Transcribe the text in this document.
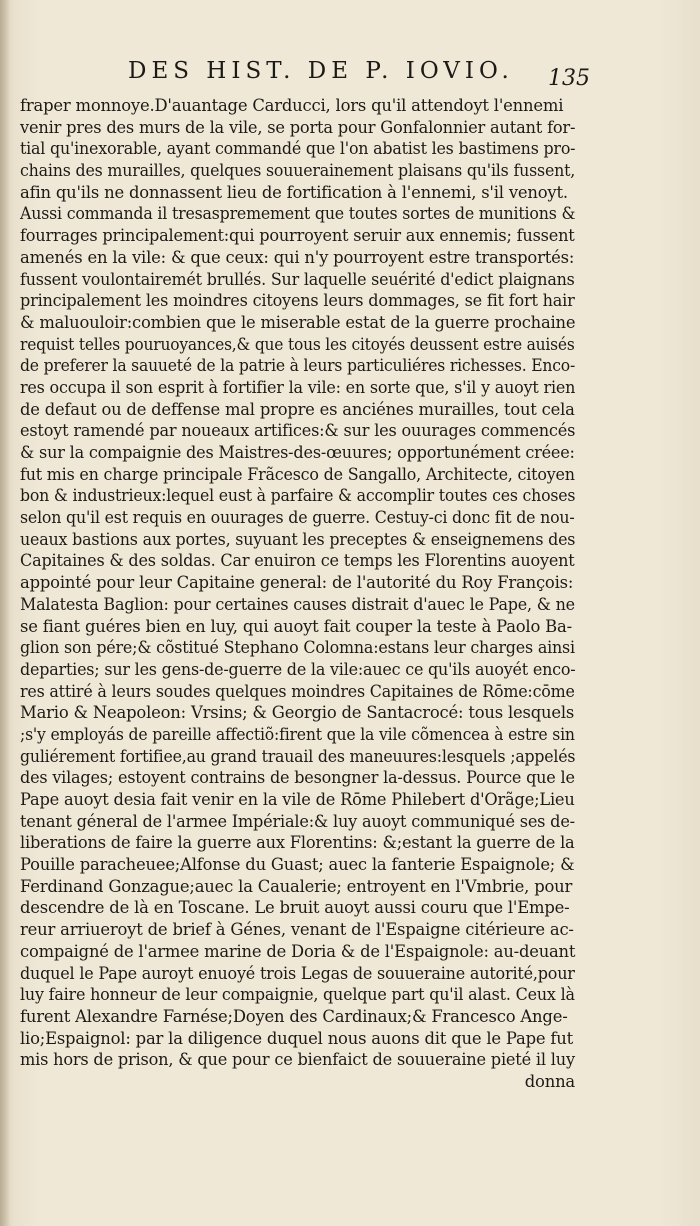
DES HIST. DE P. IOVIO. 135
fraper monnoye.D'auantage Carducci, lors qu'il attendoyt l'ennemi
venir pres des murs de la vile, se porta pour Gonfalonnier autant for-
tial qu'inexorable, ayant commandé que l'on abatist les bastimens pro-
chains des murailles, quelques souuerainement plaisans qu'ils fussent,
afin qu'ils ne donnassent lieu de fortification à l'ennemi, s'il venoyt.
Aussi commanda il tresaspremement que toutes sortes de munitions &
fourrages principalement:qui pourroyent seruir aux ennemis; fussent
amenés en la vile: & que ceux: qui n'y pourroyent estre transportés:
fussent voulontairemét brullés. Sur laquelle seuérité d'edict plaignans
principalement les moindres citoyens leurs dommages, se fit fort hair
& maluouloir:combien que le miserable estat de la guerre prochaine
requist telles pouruoyances,& que tous les citoyés deussent estre auisés
de preferer la sauueté de la patrie à leurs particuliéres richesses. Enco-
res occupa il son esprit à fortifier la vile: en sorte que, s'il y auoyt rien
de defaut ou de deffense mal propre es anciénes murailles, tout cela
estoyt ramendé par noueaux artifices:& sur les ouurages commencés
& sur la compaignie des Maistres-des-œuures; opportunément créee:
fut mis en charge principale Frãcesco de Sangallo, Architecte, citoyen
bon & industrieux:lequel eust à parfaire & accomplir toutes ces choses
selon qu'il est requis en ouurages de guerre. Cestuy-ci donc fit de nou-
ueaux bastions aux portes, suyuant les preceptes & enseignemens des
Capitaines & des soldas. Car enuiron ce temps les Florentins auoyent
appointé pour leur Capitaine general: de l'autorité du Roy François:
Malatesta Baglion: pour certaines causes distrait d'auec le Pape, & ne
se fiant guéres bien en luy, qui auoyt fait couper la teste à Paolo Ba-
glion son pére;& cõstitué Stephano Colomna:estans leur charges ainsi
departies; sur les gens-de-guerre de la vile:auec ce qu'ils auoyét enco-
res attiré à leurs soudes quelques moindres Capitaines de Rōme:cōme
Mario & Neapoleon: Vrsins; & Georgio de Santacrocé: tous lesquels
;s'y employás de pareille affectiõ:firent que la vile cõmencea à estre sin
guliérement fortifiee,au grand trauail des maneuures:lesquels ;appelés
des vilages; estoyent contrains de besongner la-dessus. Pource que le
Pape auoyt desia fait venir en la vile de Rōme Philebert d'Orãge;Lieu
tenant géneral de l'armee Impériale:& luy auoyt communiqué ses de-
liberations de faire la guerre aux Florentins: &;estant la guerre de la
Pouille paracheuee;Alfonse du Guast; auec la fanterie Espaignole; &
Ferdinand Gonzague;auec la Caualerie; entroyent en l'Vmbrie, pour
descendre de là en Toscane. Le bruit auoyt aussi couru que l'Empe-
reur arriueroyt de brief à Génes, venant de l'Espaigne citérieure ac-
compaigné de l'armee marine de Doria & de l'Espaignole: au-deuant
duquel le Pape auroyt enuoyé trois Legas de souueraine autorité,pour
luy faire honneur de leur compaignie, quelque part qu'il alast. Ceux là
furent Alexandre Farnése;Doyen des Cardinaux;& Francesco Ange-
lio;Espaignol: par la diligence duquel nous auons dit que le Pape fut
mis hors de prison, & que pour ce bienfaict de souueraine pieté il luy
donna
